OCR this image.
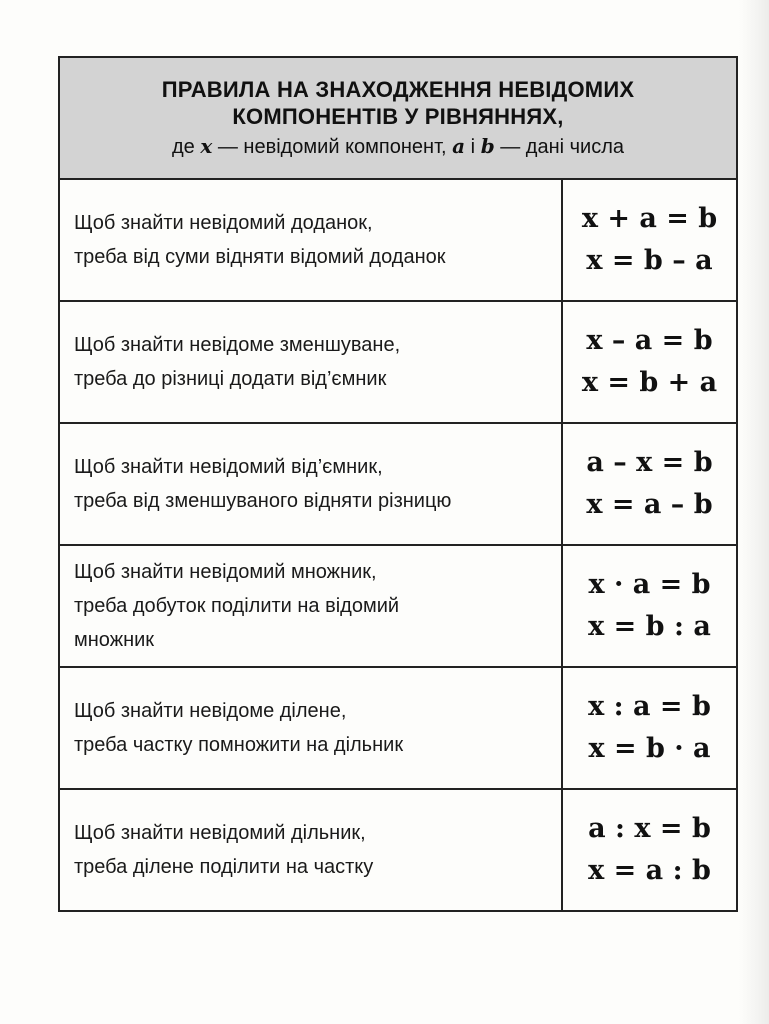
ПРАВИЛА НА ЗНАХОДЖЕННЯ НЕВІДОМИХ
КОМПОНЕНТІВ У РІВНЯННЯХ,
де x — невідомий компонент, a і b — дані числа
Щоб знайти невідомий доданок,
треба від суми відняти відомий доданок
x + a = b
x = b – a
Щоб знайти невідоме зменшуване,
треба до різниці додати від’ємник
x – a = b
x = b + a
Щоб знайти невідомий від’ємник,
треба від зменшуваного відняти різницю
a – x = b
x = a – b
Щоб знайти невідомий множник,
треба добуток поділити на відомий
множник
x · a = b
x = b : a
Щоб знайти невідоме ділене,
треба частку помножити на дільник
x : a = b
x = b · a
Щоб знайти невідомий дільник,
треба ділене поділити на частку
a : x = b
x = a : b
